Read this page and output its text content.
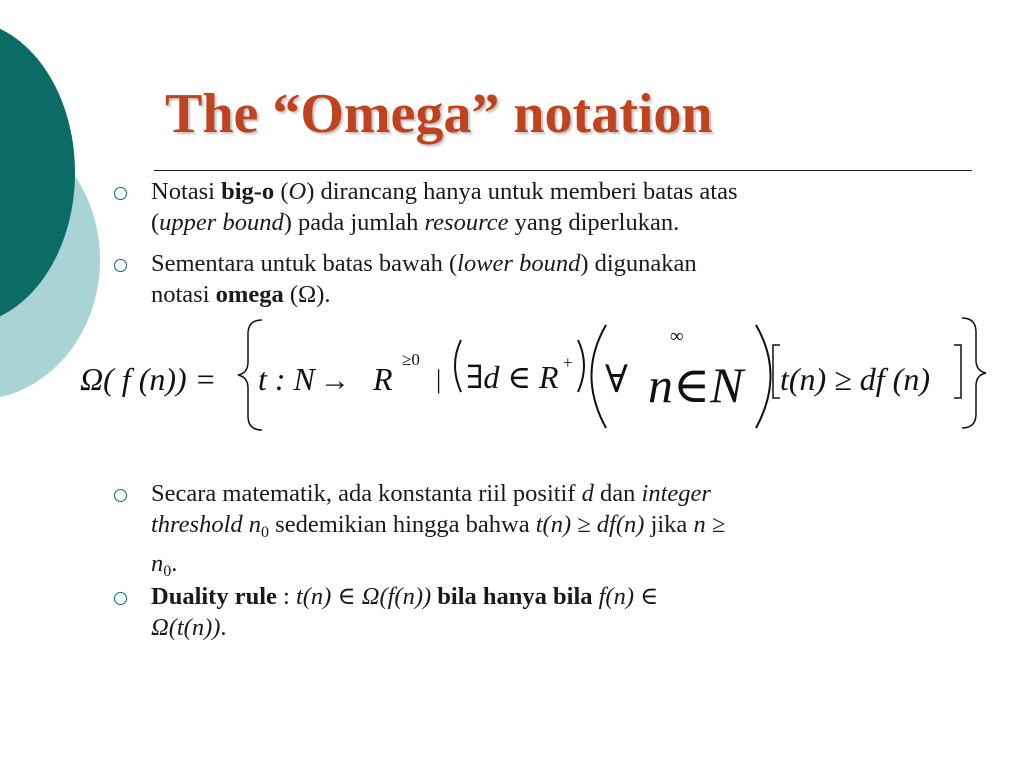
The “Omega” notation
Notasi big-o (O) dirancang hanya untuk memberi batas atas
(upper bound) pada jumlah resource yang diperlukan.
Sementara untuk batas bawah (lower bound) digunakan
notasi omega (Ω).
Secara matematik, ada konstanta riil positif d dan integer
threshold $n_0$ sedemikian hingga bahwa t(n) ≥ df(n) jika n ≥
$n_0$.
Duality rule : t(n) ∈ Ω(f(n)) bila hanya bila f(n) ∈
Ω(t(n)).
Ω( f (n)) = t : N → R
≥0
| ∃d ∈ R + ∀
∞
n∈N t(n) ≥ df (n)
